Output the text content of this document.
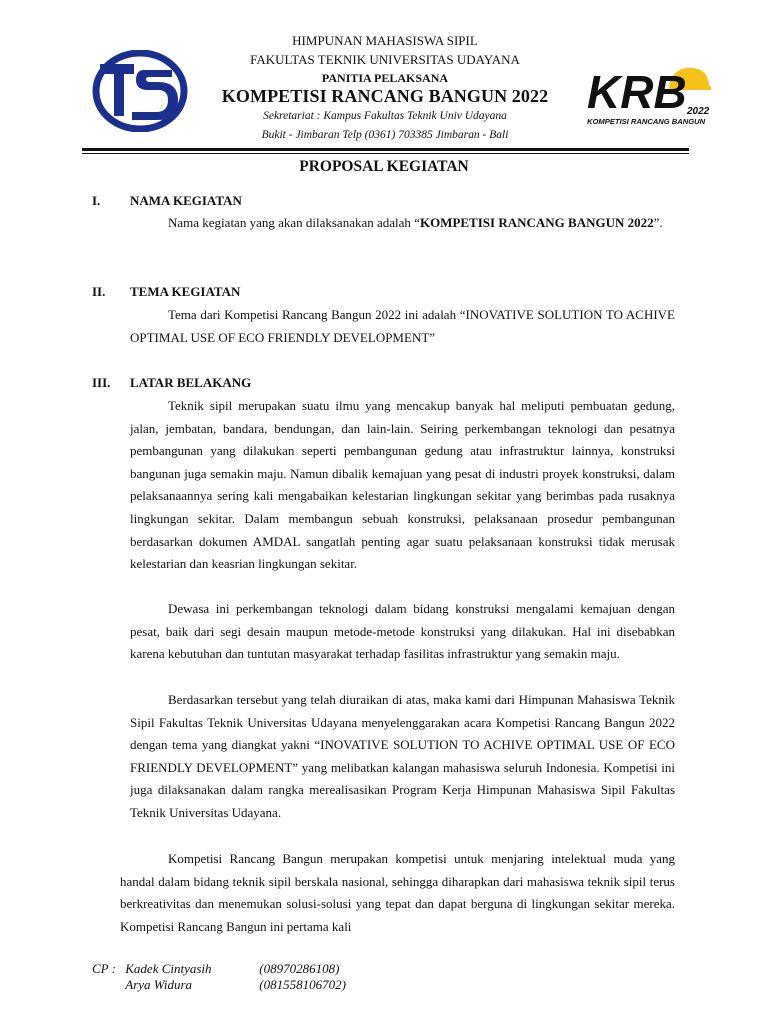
HIMPUNAN MAHASISWA SIPIL
FAKULTAS TEKNIK UNIVERSITAS UDAYANA
PANITIA PELAKSANA
KOMPETISI RANCANG BANGUN 2022
Sekretariat : Kampus Fakultas Teknik Univ Udayana
Bukit - Jimbaran Telp (0361) 703385 Jimbaran - Bali
KRB 2022
KOMPETISI RANCANG BANGUN
PROPOSAL KEGIATAN
I. NAMA KEGIATAN

Nama kegiatan yang akan dilaksanakan adalah “KOMPETISI RANCANG BANGUN 2022”.

II. TEMA KEGIATAN

Tema dari Kompetisi Rancang Bangun 2022 ini adalah “INOVATIVE SOLUTION TO ACHIVE OPTIMAL USE OF ECO FRIENDLY DEVELOPMENT”

III. LATAR BELAKANG

Teknik sipil merupakan suatu ilmu yang mencakup banyak hal meliputi pembuatan gedung, jalan, jembatan, bandara, bendungan, dan lain-lain. Seiring perkembangan teknologi dan pesatnya pembangunan yang dilakukan seperti pembangunan gedung atau infrastruktur lainnya, konstruksi bangunan juga semakin maju. Namun dibalik kemajuan yang pesat di industri proyek konstruksi, dalam pelaksanaannya sering kali mengabaikan kelestarian lingkungan sekitar yang berimbas pada rusaknya lingkungan sekitar. Dalam membangun sebuah konstruksi, pelaksanaan prosedur pembangunan berdasarkan dokumen AMDAL sangatlah penting agar suatu pelaksanaan konstruksi tidak merusak kelestarian dan keasrian lingkungan sekitar.

Dewasa ini perkembangan teknologi dalam bidang konstruksi mengalami kemajuan dengan pesat, baik dari segi desain maupun metode-metode konstruksi yang dilakukan. Hal ini disebabkan karena kebutuhan dan tuntutan masyarakat terhadap fasilitas infrastruktur yang semakin maju.

Berdasarkan tersebut yang telah diuraikan di atas, maka kami dari Himpunan Mahasiswa Teknik Sipil Fakultas Teknik Universitas Udayana menyelenggarakan acara Kompetisi Rancang Bangun 2022 dengan tema yang diangkat yakni “INOVATIVE SOLUTION TO ACHIVE OPTIMAL USE OF ECO FRIENDLY DEVELOPMENT” yang melibatkan kalangan mahasiswa seluruh Indonesia. Kompetisi ini juga dilaksanakan dalam rangka merealisasikan Program Kerja Himpunan Mahasiswa Sipil Fakultas Teknik Universitas Udayana.

Kompetisi Rancang Bangun merupakan kompetisi untuk menjaring intelektual muda yang handal dalam bidang teknik sipil berskala nasional, sehingga diharapkan dari mahasiswa teknik sipil terus berkreativitas dan menemukan solusi-solusi yang tepat dan dapat berguna di lingkungan sekitar mereka. Kompetisi Rancang Bangun ini pertama kali

CP : Kadek Cintyasih	(08970286108)
Arya Widura	(081558106702)
